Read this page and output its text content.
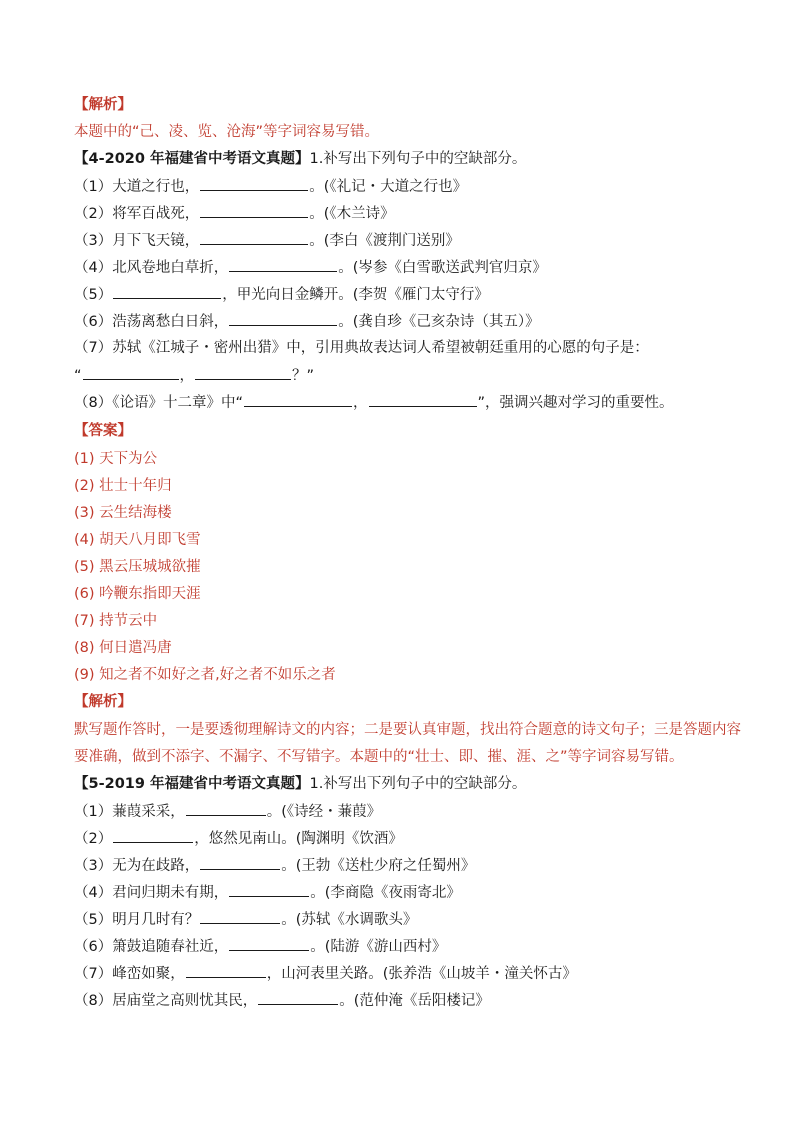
【解析】
本题中的“己、凌、览、沧海”等字词容易写错。
【4-2020 年福建省中考语文真题】1.补写出下列句子中的空缺部分。
（1）大道之行也，	。(《礼记・大道之行也》
（2）将军百战死，	。(《木兰诗》
（3）月下飞天镜，	。(李白《渡荆门送别》
（4）北风卷地白草折，	。(岑参《白雪歌送武判官归京》
（5）	，甲光向日金鳞开。(李贺《雁门太守行》
（6）浩荡离愁白日斜，	。(龚自珍《己亥杂诗（其五）》
（7）苏轼《江城子・密州出猎》中，引用典故表达词人希望被朝廷重用的心愿的句子是：
“	，	？”
（8）《论语》十二章》中“	，	”，强调兴趣对学习的重要性。
【答案】
(1) 天下为公
(2) 壮士十年归
(3) 云生结海楼
(4) 胡天八月即飞雪
(5) 黑云压城城欲摧
(6) 吟鞭东指即天涯
(7) 持节云中
(8) 何日遣冯唐
(9) 知之者不如好之者,好之者不如乐之者
【解析】
默写题作答时，一是要透彻理解诗文的内容；二是要认真审题，找出符合题意的诗文句子；三是答题内容
要准确，做到不添字、不漏字、不写错字。本题中的“壮士、即、摧、涯、之”等字词容易写错。
【5-2019 年福建省中考语文真题】1.补写出下列句子中的空缺部分。
（1）蒹葭采采，	。(《诗经・蒹葭》
（2）	，悠然见南山。(陶渊明《饮酒》
（3）无为在歧路，	。(王勃《送杜少府之任蜀州》
（4）君问归期未有期，	。(李商隐《夜雨寄北》
（5）明月几时有？	。(苏轼《水调歌头》
（6）箫鼓追随春社近，	。(陆游《游山西村》
（7）峰峦如聚，	，山河表里关路。(张养浩《山坡羊・潼关怀古》
（8）居庙堂之高则忧其民，	。(范仲淹《岳阳楼记》
